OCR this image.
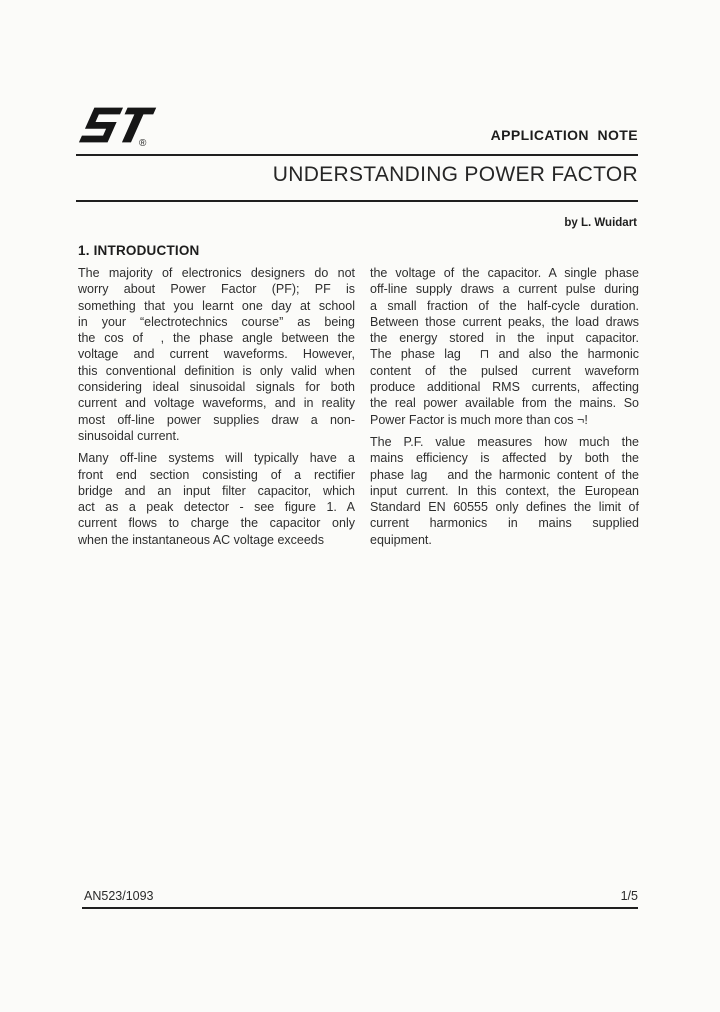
®
APPLICATION  NOTE
UNDERSTANDING POWER FACTOR
by L. Wuidart
1. INTRODUCTION
The majority of electronics designers do not
worry about Power Factor (PF); PF is
something that you learnt one day at school
in your “electrotechnics course” as being
the cos of  , the phase angle between the
voltage and current waveforms. However,
this conventional definition is only valid when
considering ideal sinusoidal signals for both
current and voltage waveforms, and in reality
most off-line power supplies draw a non-
sinusoidal current.
Many off-line systems will typically have a
front end section consisting of a rectifier
bridge and an input filter capacitor, which
act as a peak detector - see figure 1. A
current flows to charge the capacitor only
when the instantaneous AC voltage exceeds
the voltage of the capacitor. A single phase
off-line supply draws a current pulse during
a small fraction of the half-cycle duration.
Between those current peaks, the load draws
the energy stored in the input capacitor.
The phase lag  ⊓ and also the harmonic
content of the pulsed current waveform
produce additional RMS currents, affecting
the real power available from the mains. So
Power Factor is much more than cos ¬!
The P.F. value measures how much the
mains efficiency is affected by both the
phase lag   and the harmonic content of the
input current. In this context, the European
Standard EN 60555 only defines the limit of
current harmonics in mains supplied
equipment.
AN523/1093	1/5
